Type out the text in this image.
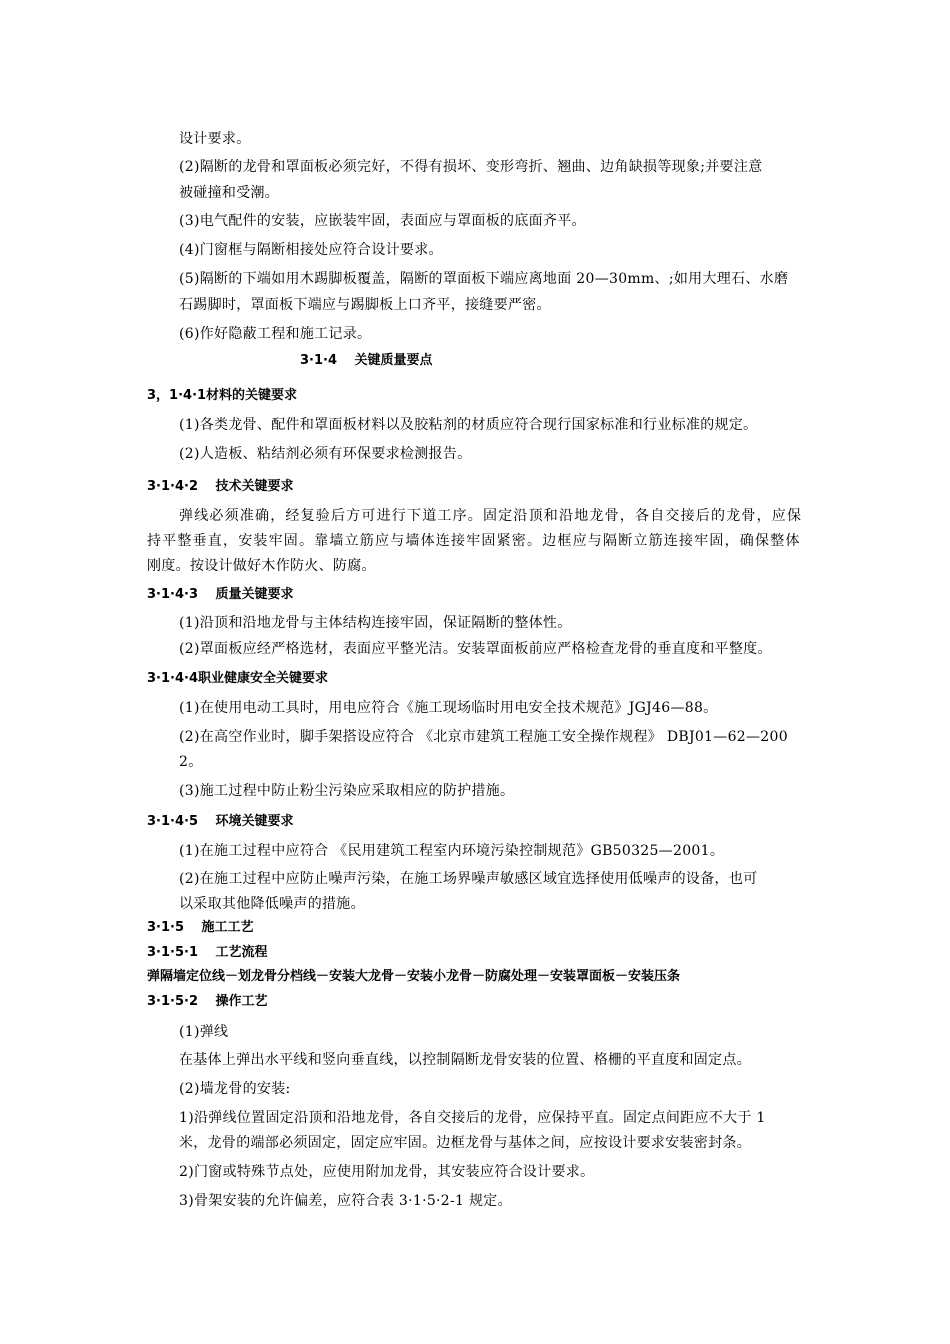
设计要求。
(2)隔断的龙骨和罩面板必须完好，不得有损坏、变形弯折、翘曲、边角缺损等现象;并要注意
被碰撞和受潮。
(3)电气配件的安装，应嵌装牢固，表面应与罩面板的底面齐平。
(4)门窗框与隔断相接处应符合设计要求。
(5)隔断的下端如用木踢脚板覆盖，隔断的罩面板下端应离地面 20—30mm、;如用大理石、水磨
石踢脚时，罩面板下端应与踢脚板上口齐平，接缝要严密。
(6)作好隐蔽工程和施工记录。
3·1·4　 关键质量要点
3，1·4·1材料的关键要求
(1)各类龙骨、配件和罩面板材料以及胶粘剂的材质应符合现行国家标准和行业标准的规定。
(2)人造板、粘结剂必须有环保要求检测报告。
3·1·4·2　 技术关键要求
弹线必须准确，经复验后方可进行下道工序。固定沿顶和沿地龙骨，各自交接后的龙骨，应保
持平整垂直，安装牢固。靠墙立筋应与墙体连接牢固紧密。边框应与隔断立筋连接牢固，确保整体
刚度。按设计做好木作防火、防腐。
3·1·4·3　 质量关键要求
(1)沿顶和沿地龙骨与主体结构连接牢固，保证隔断的整体性。
(2)罩面板应经严格选材，表面应平整光洁。安装罩面板前应严格检查龙骨的垂直度和平整度。
3·1·4·4职业健康安全关键要求
(1)在使用电动工具时，用电应符合《施工现场临时用电安全技术规范》JGJ46—88。
(2)在高空作业时，脚手架搭设应符合 《北京市建筑工程施工安全操作规程》 DBJ01—62—200
2。
(3)施工过程中防止粉尘污染应采取相应的防护措施。
3·1·4·5　 环境关键要求
(1)在施工过程中应符合 《民用建筑工程室内环境污染控制规范》GB50325—2001。
(2)在施工过程中应防止噪声污染，在施工场界噪声敏感区域宜选择使用低噪声的设备，也可
以采取其他降低噪声的措施。
3·1·5　 施工工艺
3·1·5·1　 工艺流程
弹隔墙定位线－划龙骨分档线－安装大龙骨－安装小龙骨－防腐处理－安装罩面板－安装压条
3·1·5·2　 操作工艺
(1)弹线
在基体上弹出水平线和竖向垂直线，以控制隔断龙骨安装的位置、格栅的平直度和固定点。
(2)墙龙骨的安装:
1)沿弹线位置固定沿顶和沿地龙骨，各自交接后的龙骨，应保持平直。固定点间距应不大于 1
米，龙骨的端部必须固定，固定应牢固。边框龙骨与基体之间，应按设计要求安装密封条。
2)门窗或特殊节点处，应使用附加龙骨，其安装应符合设计要求。
3)骨架安装的允许偏差，应符合表 3·1·5·2-1 规定。
